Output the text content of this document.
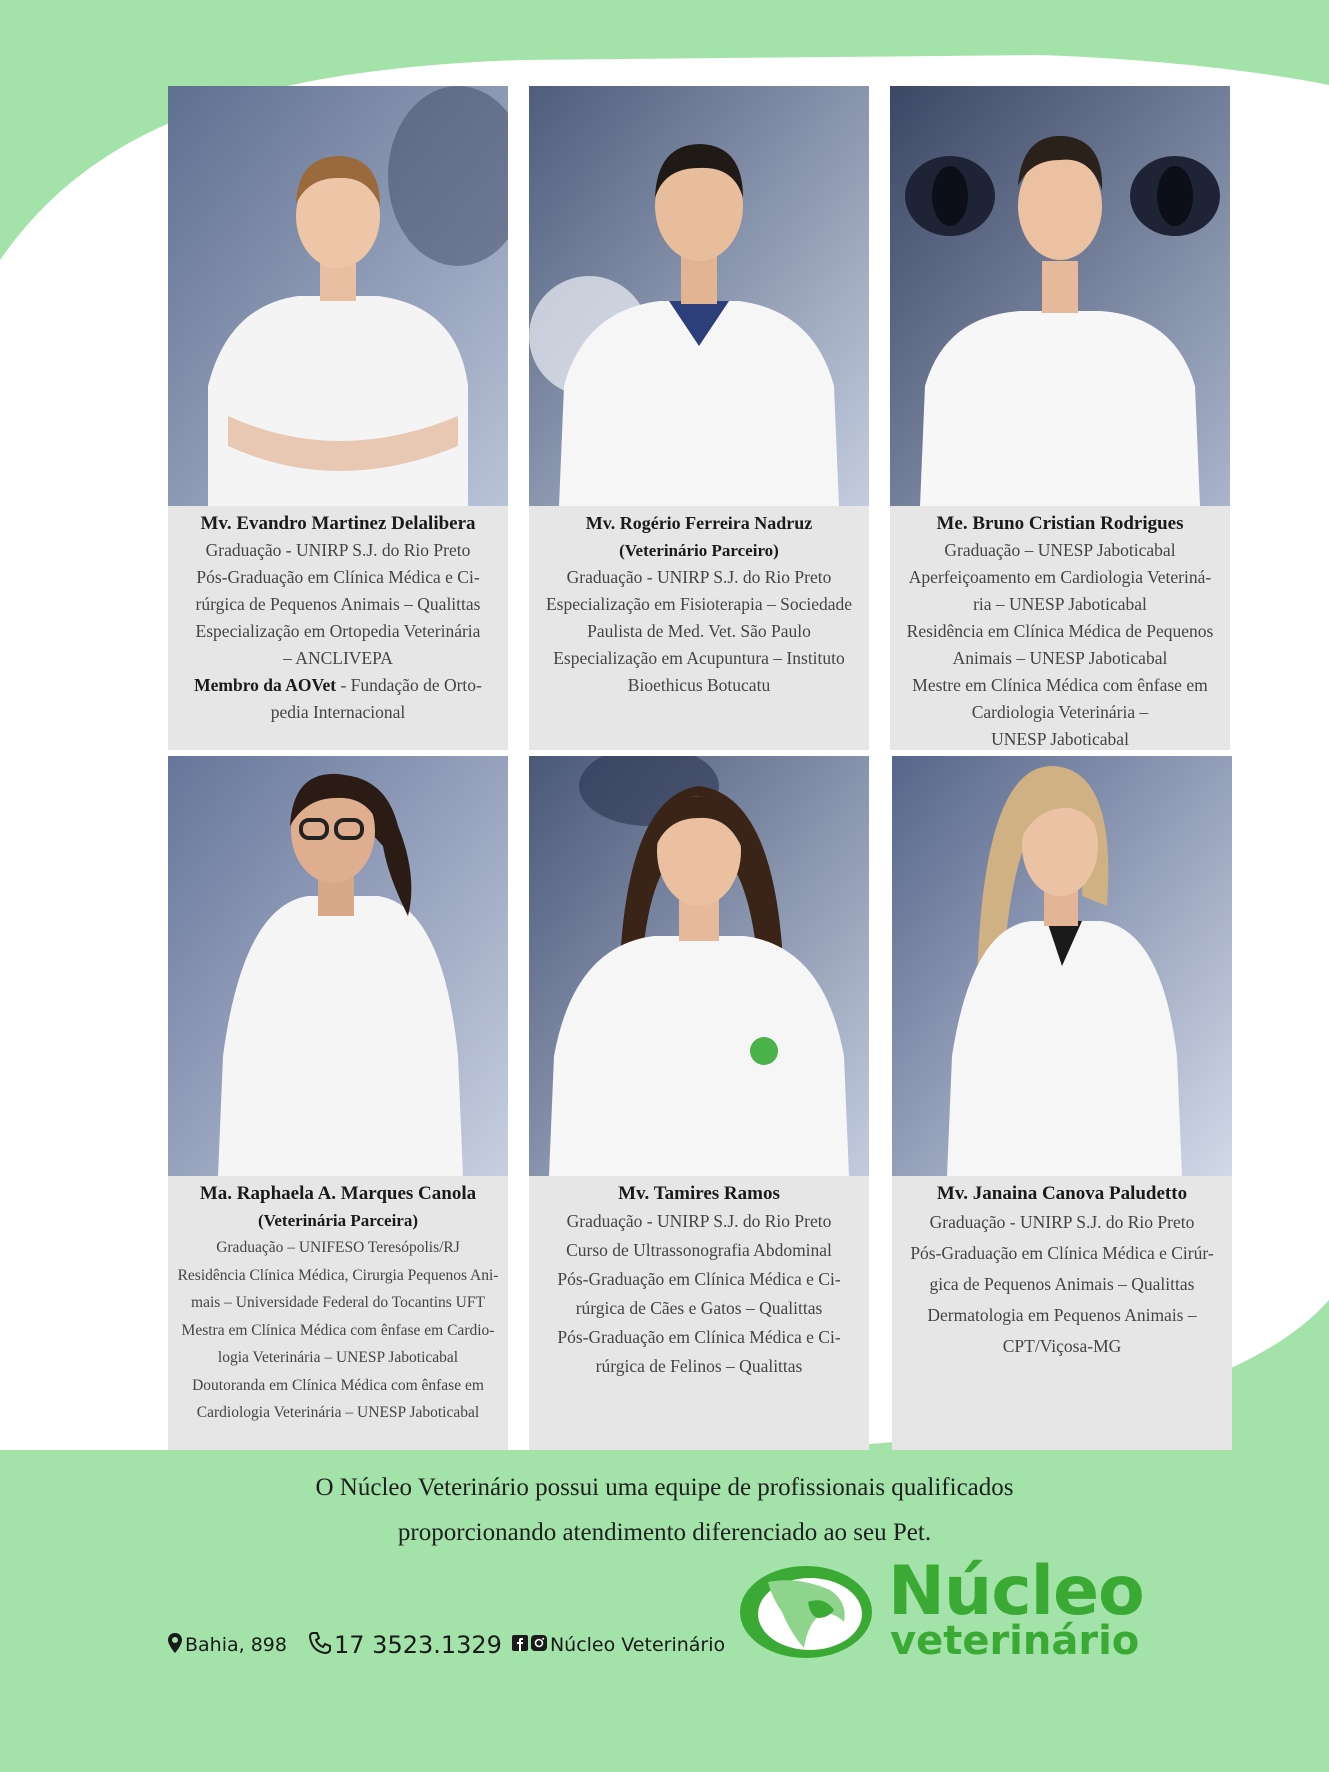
Mv. Evandro Martinez Delalibera
Graduação - UNIRP S.J. do Rio Preto
Pós-Graduação em Clínica Médica e Ci-
rúrgica de Pequenos Animais – Qualittas
Especialização em Ortopedia Veterinária
– ANCLIVEPA
Membro da AOVet - Fundação de Orto-
pedia Internacional
Mv. Rogério Ferreira Nadruz
(Veterinário Parceiro)
Graduação - UNIRP S.J. do Rio Preto
Especialização em Fisioterapia – Sociedade
Paulista de Med. Vet. São Paulo
Especialização em Acupuntura – Instituto
Bioethicus Botucatu
Me. Bruno Cristian Rodrigues
Graduação – UNESP Jaboticabal
Aperfeiçoamento em Cardiologia Veteriná-
ria – UNESP Jaboticabal
Residência em Clínica Médica de Pequenos
Animais – UNESP Jaboticabal
Mestre em Clínica Médica com ênfase em
Cardiologia Veterinária –
UNESP Jaboticabal
Ma. Raphaela A. Marques Canola
(Veterinária Parceira)
Graduação – UNIFESO Teresópolis/RJ
Residência Clínica Médica, Cirurgia Pequenos Ani-
mais – Universidade Federal do Tocantins UFT
Mestra em Clínica Médica com ênfase em Cardio-
logia Veterinária – UNESP Jaboticabal
Doutoranda em Clínica Médica com ênfase em
Cardiologia Veterinária – UNESP Jaboticabal
Mv. Tamires Ramos
Graduação - UNIRP S.J. do Rio Preto
Curso de Ultrassonografia Abdominal
Pós-Graduação em Clínica Médica e Ci-
rúrgica de Cães e Gatos – Qualittas
Pós-Graduação em Clínica Médica e Ci-
rúrgica de Felinos – Qualittas
Mv. Janaina Canova Paludetto
Graduação - UNIRP S.J. do Rio Preto
Pós-Graduação em Clínica Médica e Cirúr-
gica de Pequenos Animais – Qualittas
Dermatologia em Pequenos Animais –
CPT/Viçosa-MG
O Núcleo Veterinário possui uma equipe de profissionais qualificados
proporcionando atendimento diferenciado ao seu Pet.
Bahia, 898 17 3523.1329	Núcleo Veterinário
Núcleo
veterinário
